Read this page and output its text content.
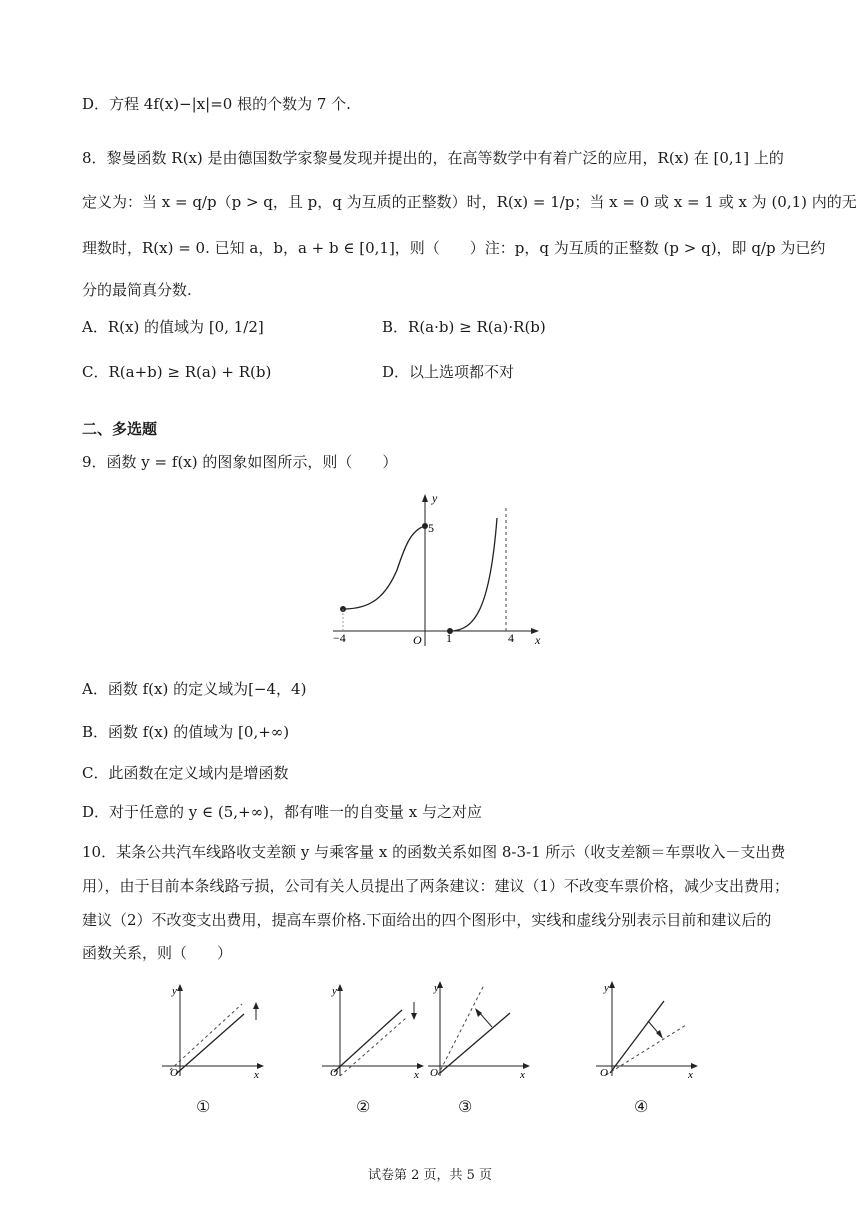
D．方程 4f(x)−|x|=0 根的个数为 7 个.
8．黎曼函数 R(x) 是由德国数学家黎曼发现并提出的，在高等数学中有着广泛的应用，R(x) 在 [0,1] 上的
定义为：当 x = q/p（p > q，且 p，q 为互质的正整数）时，R(x) = 1/p；当 x = 0 或 x = 1 或 x 为 (0,1) 内的无
理数时，R(x) = 0. 已知 a，b，a + b ∈ [0,1]，则（　　）注：p，q 为互质的正整数 (p > q)，即 q/p 为已约
分的最简真分数.
A．R(x) 的值域为 [0, 1/2]	B．R(a·b) ≥ R(a)·R(b)
C．R(a+b) ≥ R(a) + R(b)	D．以上选项都不对
二、多选题
9．函数 y = f(x) 的图象如图所示，则（　　）
y
x
O
−4	1	4
5
A．函数 f(x) 的定义域为[−4，4)
B．函数 f(x) 的值域为 [0,+∞)
C．此函数在定义域内是增函数
D．对于任意的 y ∈ (5,+∞)，都有唯一的自变量 x 与之对应
10．某条公共汽车线路收支差额 y 与乘客量 x 的函数关系如图 8-3-1 所示（收支差额＝车票收入－支出费
用），由于目前本条线路亏损，公司有关人员提出了两条建议：建议（1）不改变车票价格，减少支出费用；
建议（2）不改变支出费用，提高车票价格.下面给出的四个图形中，实线和虚线分别表示目前和建议后的
函数关系，则（　　）
y
x
O
①
y
x
O
②
y
x
O
③
y
x
O
④
试卷第 2 页，共 5 页
